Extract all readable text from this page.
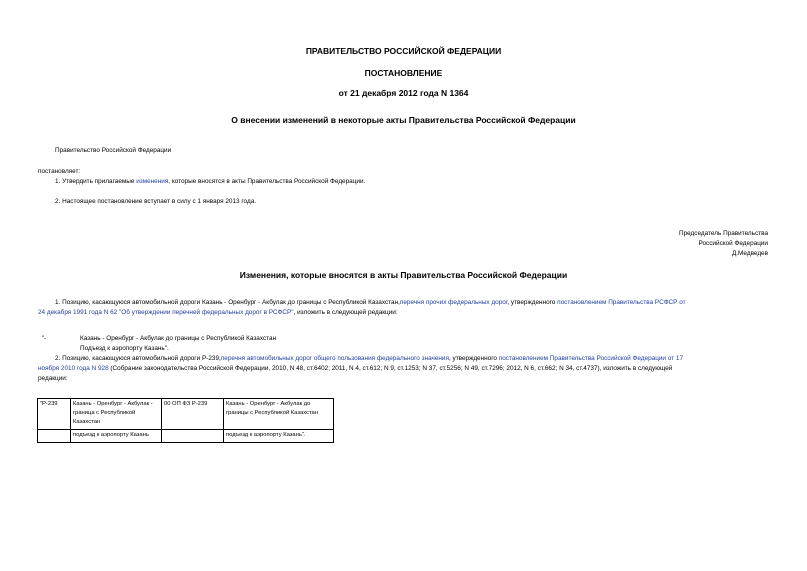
ПРАВИТЕЛЬСТВО РОССИЙСКОЙ ФЕДЕРАЦИИ
ПОСТАНОВЛЕНИЕ
от 21 декабря 2012 года N 1364
О внесении изменений в некоторые акты Правительства Российской Федерации
Правительство Российской Федерации
постановляет:
1. Утвердить прилагаемые изменения, которые вносятся в акты Правительства Российской Федерации.
2. Настоящее постановление вступает в силу с 1 января 2013 года.
Председатель Правительства
Российской Федерации
Д.Медведев
Изменения, которые вносятся в акты Правительства Российской Федерации
1. Позицию, касающуюся автомобильной дороги Казань - Оренбург - Акбулак до границы с Республикой Казахстан,перечня прочих федеральных дорог, утвержденного постановлением Правительства РСФСР от
24 декабря 1991 года N 62 "Об утверждении перечней федеральных дорог в РСФСР", изложить в следующей редакции:
"-	Казань - Оренбург - Акбулак до границы с Республикой Казахстан
Подъезд к аэропорту Казань".
2. Позицию, касающуюся автомобильной дороги Р-239,перечня автомобильных дорог общего пользования федерального значения, утвержденного постановлением Правительства Российской Федерации от 17
ноября 2010 года N 928 (Собрание законодательства Российской Федерации, 2010, N 48, ст.6402; 2011, N 4, ст.612; N 9, ст.1253; N 37, ст.5256; N 49, ст.7296; 2012, N 6, ст.662; N 34, ст.4737), изложить в следующей
редакции:
"Р-239	Казань - Оренбург - Акбулак - граница с Республикой Казахстан	00 ОП ФЗ Р-239	Казань - Оренбург - Акбулак до границы с Республикой Казахстан
	подъезд к аэропорту Казань		подъезд к аэропорту Казань".
